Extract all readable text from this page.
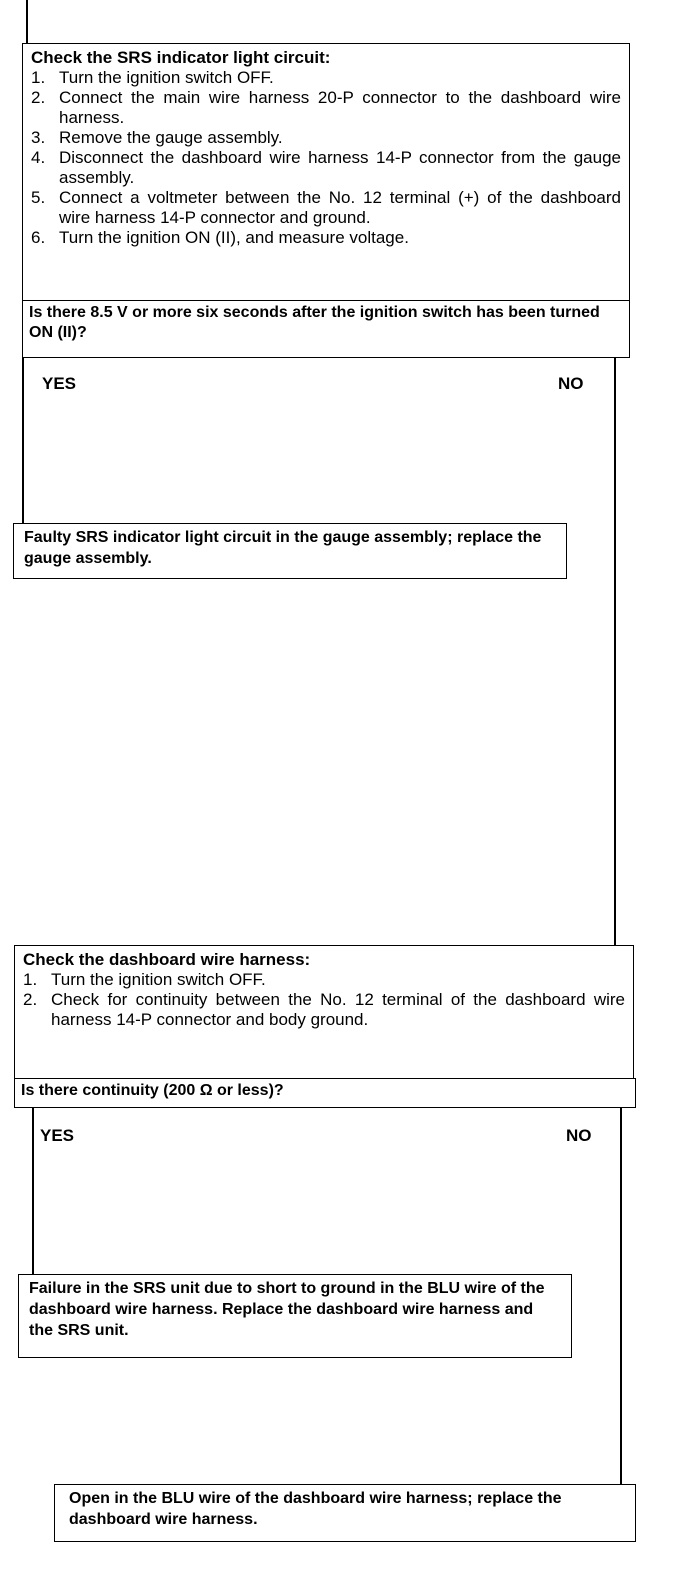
Check the SRS indicator light circuit:
1. Turn the ignition switch OFF.
2. Connect the main wire harness 20-P connector to the dashboard wire harness.
3. Remove the gauge assembly.
4. Disconnect the dashboard wire harness 14-P connector from the gauge assembly.
5. Connect a voltmeter between the No. 12 terminal (+) of the dashboard wire harness 14-P connector and ground.
6. Turn the ignition ON (II), and measure voltage.
Is there 8.5 V or more six seconds after the ignition switch has been turned ON (II)?
YES	NO
Faulty SRS indicator light circuit in the gauge assembly; replace the gauge assembly.
Check the dashboard wire harness:
1. Turn the ignition switch OFF.
2. Check for continuity between the No. 12 terminal of the dashboard wire harness 14-P connector and body ground.
Is there continuity (200 Ω or less)?
YES	NO
Failure in the SRS unit due to short to ground in the BLU wire of the dashboard wire harness. Replace the dashboard wire harness and the SRS unit.
Open in the BLU wire of the dashboard wire harness; replace the dashboard wire harness.
